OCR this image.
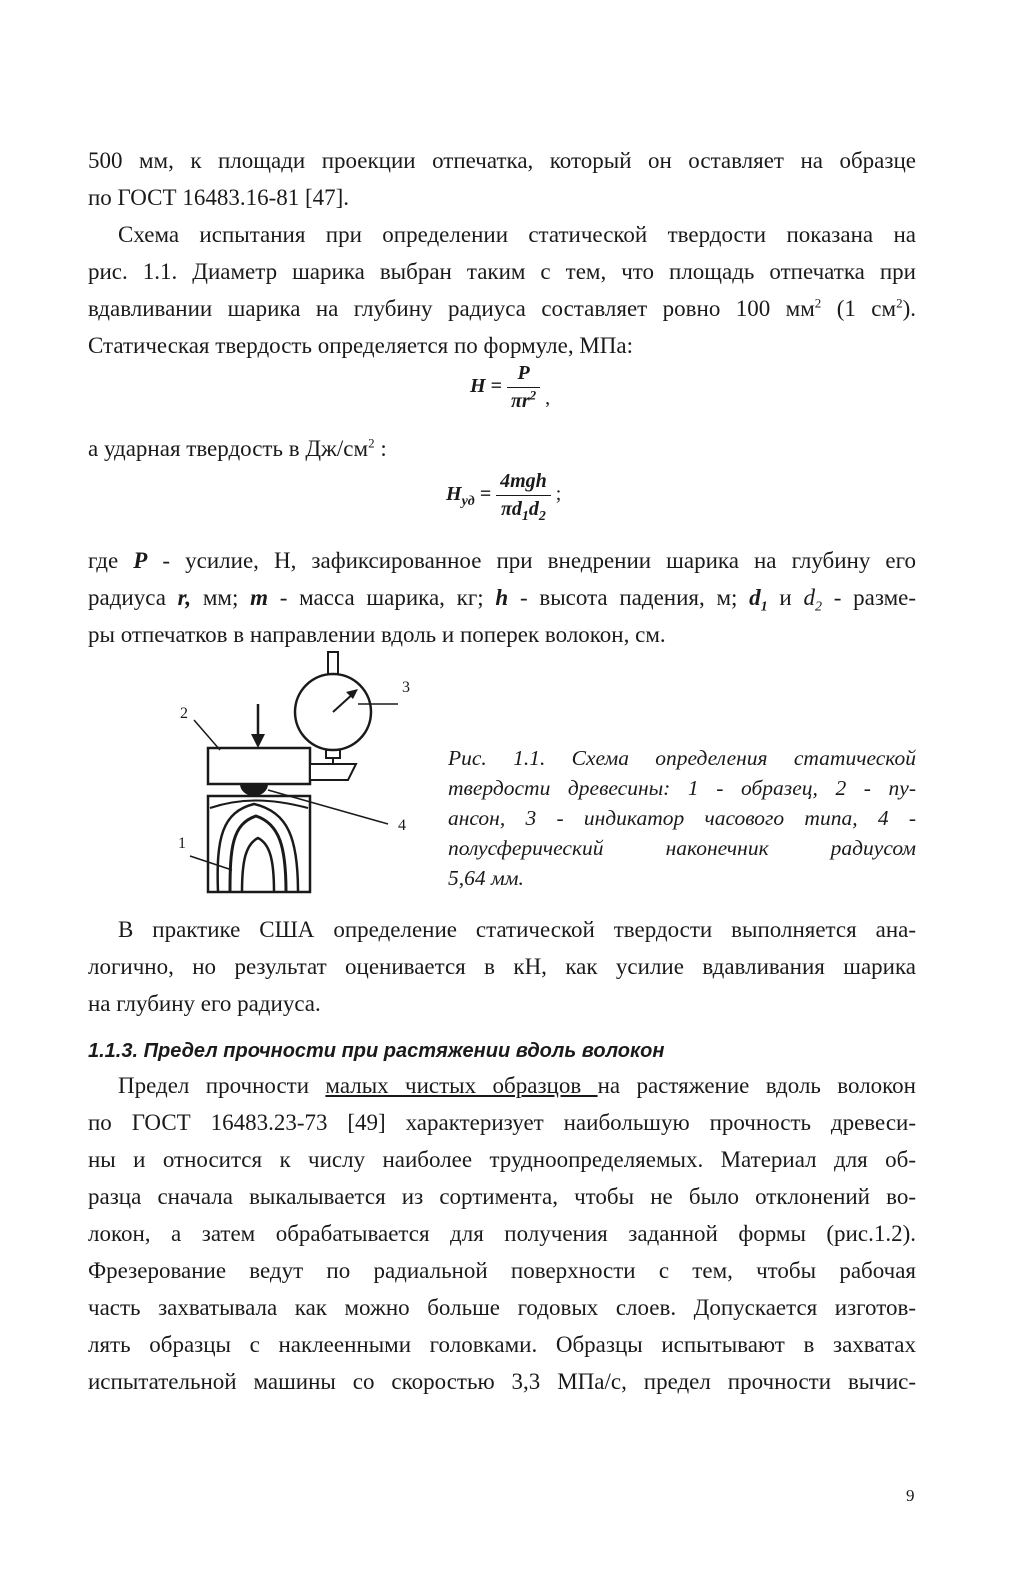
500 мм, к площади проекции отпечатка, который он оставляет на образце
по ГОСТ 16483.16-81 [47].
Схема испытания при определении статической твердости показана на
рис. 1.1. Диаметр шарика выбран таким с тем, что площадь отпечатка при
вдавливании шарика на глубину радиуса составляет ровно 100 $мм^2$ (1 $см^2$).
Статическая твердость определяется по формуле, МПа:
$H = \frac{P}{\pi r^2}$ ,
а ударная твердость в $Дж/см^2$ :
$H_{уд} = \frac{\text{4mgh}}{\pi d_1d_2}$ ;
где P - усилие, Н, зафиксированное при внедрении шарика на глубину его
радиуса r, мм; m - масса шарика, кг; h - высота падения, м; $d_1$ и $d_2$ - разме-
ры отпечатков в направлении вдоль и поперек волокон, см.
2
3
4
1
Рис. 1.1. Схема определения статической
твердости древесины: 1 - образец, 2 - пу-
ансон, 3 - индикатор часового типа, 4 -
полусферический наконечник радиусом
5,64 мм.
В практике США определение статической твердости выполняется ана-
логично, но результат оценивается в кН, как усилие вдавливания шарика
на глубину его радиуса.
1.1.3. Предел прочности при растяжении вдоль волокон
Предел прочности малых чистых образцов на растяжение вдоль волокон
по ГОСТ 16483.23-73 [49] характеризует наибольшую прочность древеси-
ны и относится к числу наиболее трудноопределяемых. Материал для об-
разца сначала выкалывается из сортимента, чтобы не было отклонений во-
локон, а затем обрабатывается для получения заданной формы (рис.1.2).
Фрезерование ведут по радиальной поверхности с тем, чтобы рабочая
часть захватывала как можно больше годовых слоев. Допускается изготов-
лять образцы с наклеенными головками. Образцы испытывают в захватах
испытательной машины со скоростью 3,3 МПа/с, предел прочности вычис-
9
